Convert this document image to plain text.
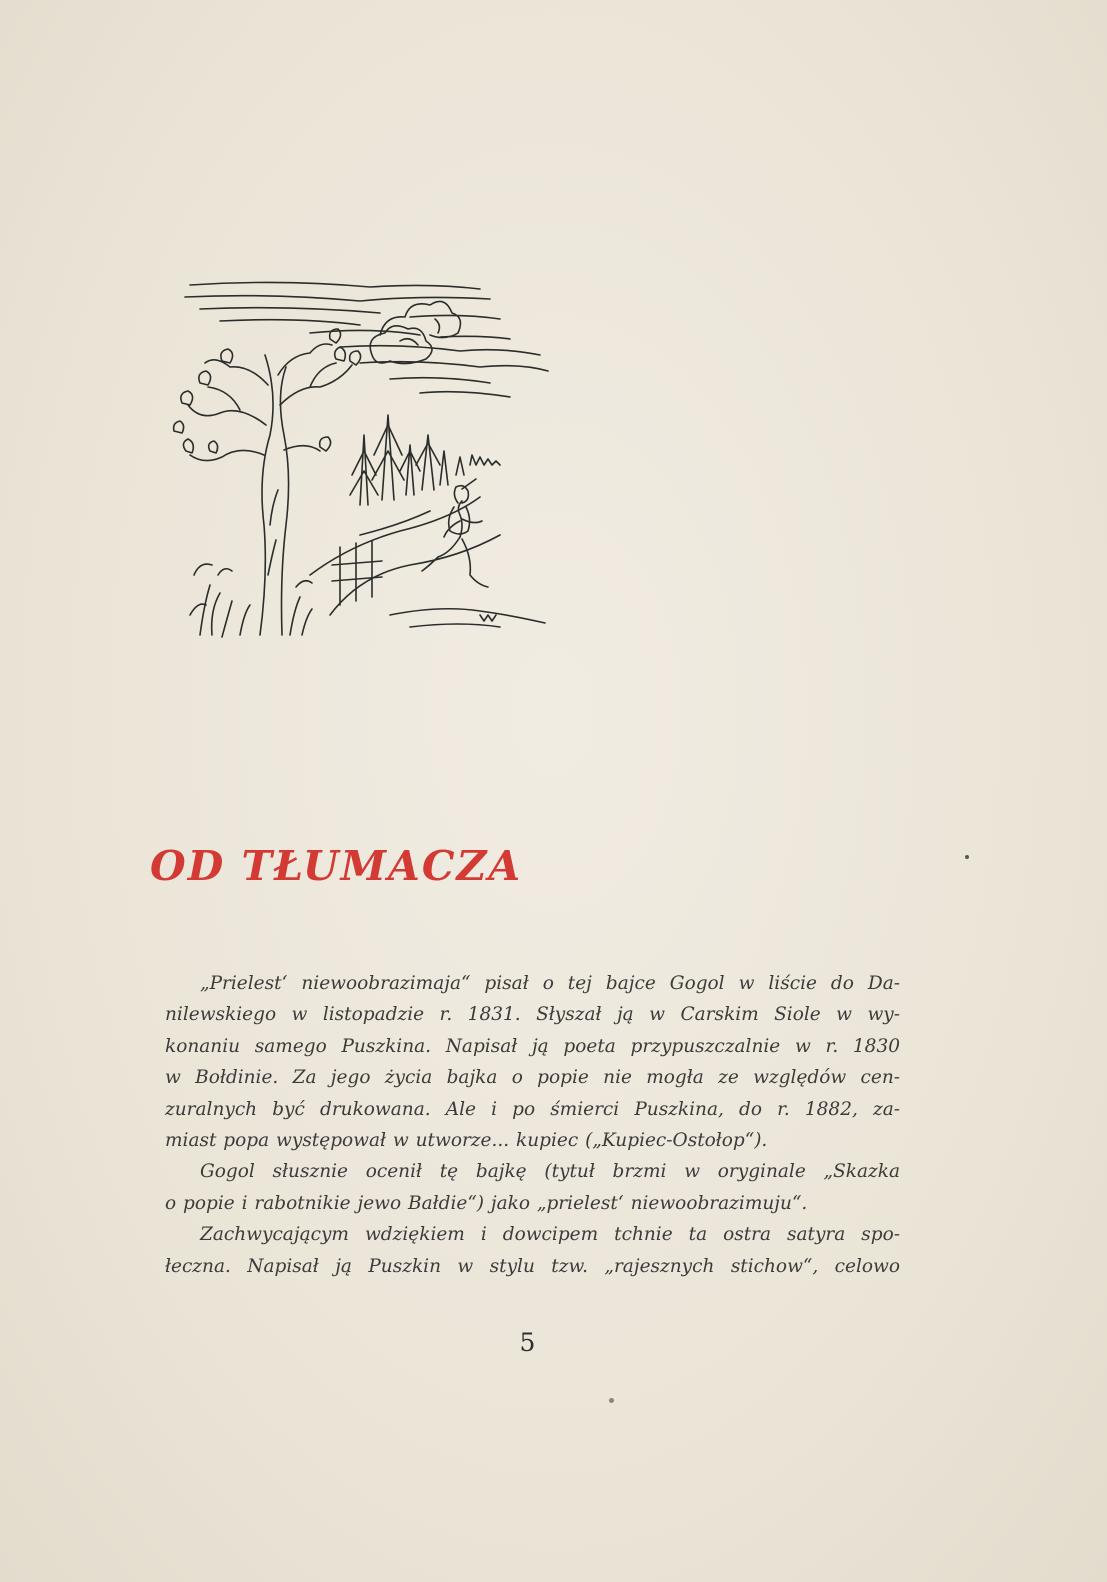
OD TŁUMACZA

„Prielest‘ niewoobrazimaja“ pisał o tej bajce Gogol w liście do Da-
nilewskiego w listopadzie r. 1831. Słyszał ją w Carskim Siole w wy-
konaniu samego Puszkina. Napisał ją poeta przypuszczalnie w r. 1830
w Bołdinie. Za jego życia bajka o popie nie mogła ze względów cen-
zuralnych być drukowana. Ale i po śmierci Puszkina, do r. 1882, za-
miast popa występował w utworze... kupiec („Kupiec-Ostołop“).

Gogol słusznie ocenił tę bajkę (tytuł brzmi w oryginale „Skazka
o popie i rabotnikie jewo Bałdie“) jako „prielest‘ niewoobrazimuju“.

Zachwycającym wdziękiem i dowcipem tchnie ta ostra satyra spo-
łeczna. Napisał ją Puszkin w stylu tzw. „rajesznych stichow“, celowo

5
